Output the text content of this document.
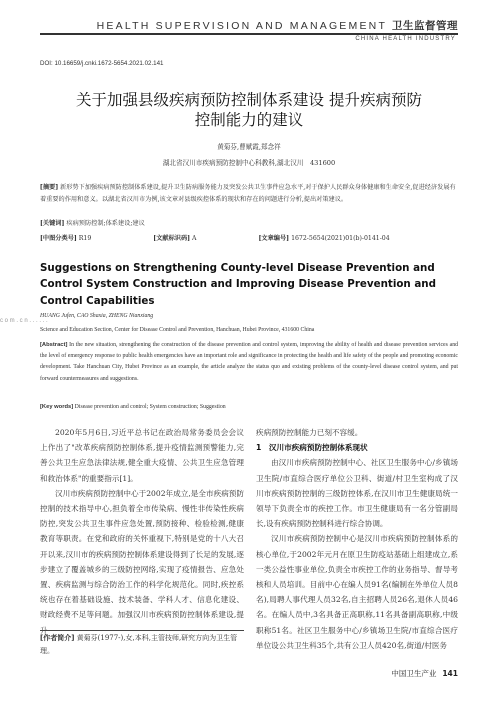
HEALTH SUPERVISION AND MANAGEMENT 卫生监督管理
CHINA HEALTH INDUSTRY
DOI: 10.16659/j.cnki.1672-5654.2021.02.141
关于加强县级疾病预防控制体系建设 提升疾病预防
控制能力的建议
黄菊芬,曹赋霞,郑念祥
湖北省汉川市疾病预防控制中心科教科,湖北汉川　431600
[摘要] 新形势下加强疾病预防控制体系建设,提升卫生防病服务能力及突发公共卫生事件应急水平,对于保护人民群众身体健康和生命安全,促进经济发展有着重要的作用和意义。以湖北省汉川市为例,该文章对县级疾控体系的现状和存在的问题进行分析,提出对策建议。
[关键词] 疾病预防控制;体系建设;建议
[中图分类号] R19	[文献标识码] A	[文章编号] 1672-5654(2021)01(b)-0141-04
Suggestions on Strengthening County-level Disease Prevention and Control System Construction and Improving Disease Prevention and Control Capabilities
HUANG Jufen, CAO Shaxia, ZHENG Nianxiang
Science and Education Section, Center for Disease Control and Prevention, Hanchuan, Hubei Province, 431600 China
c o m . c n . . . . . .
[Abstract] In the new situation, strengthening the construction of the disease prevention and control system, improving the ability of health and disease prevention services and the level of emergency response to public health emergencies have an important role and significance in protecting the health and life safety of the people and promoting economic development. Take Hanchuan City, Hubei Province as an example, the article analyze the status quo and existing problems of the county-level disease control system, and put forward countermeasures and suggestions.
[Key words] Disease prevention and control; System construction; Suggestion

2020年5月6日,习近平总书记在政治局常务委员会会议上作出了"改革疾病预防控制体系,提升疫情监测预警能力,完善公共卫生应急法律法规,健全重大疫情、公共卫生应急管理和救治体系"的重要指示[1]。

汉川市疾病预防控制中心于2002年成立,是全市疾病预防控制的技术指导中心,担负着全市传染病、慢性非传染性疾病防控,突发公共卫生事件应急处置,预防接种、检验检测,健康教育等职责。在党和政府的关怀重视下,特别是党的十八大召开以来,汉川市的疾病预防控制体系建设得到了长足的发展,逐步建立了覆盖城乡的三级防控网络,实现了疫情报告、应急处置、疾病监测与综合防治工作的科学化规范化。同时,疾控系统也存在着基础设施、技术装备、学科人才、信息化建设、财政经费不足等问题。加强汉川市疾病预防控制体系建设,提

[作者简介] 黄菊芬(1977-),女,本科,主管技师,研究方向为卫生管理。

疾病预防控制能力已刻不容缓。

1　汉川市疾病预防控制体系现状

由汉川市疾病预防控制中心、社区卫生服务中心/乡镇场卫生院/市直综合医疗单位公卫科、街道/村卫生室构成了汉川市疾病预防控制的三级防控体系,在汉川市卫生健康局统一领导下负责全市的疾控工作。市卫生健康局有一名分管副局长,设有疾病预防控制科进行综合协调。

汉川市疾病预防控制中心是汉川市疾病预防控制体系的核心单位,于2002年元月在原卫生防疫站基础上组建成立,系一类公益性事业单位,负责全市疾控工作的业务指导、督导考核和人员培训。目前中心在编人员91名(编制在外单位人员8名),局聘人事代理人员32名,自主招聘人员26名,退休人员46名。在编人员中,3名具备正高职称,11名具备副高职称,中级职称51名。社区卫生服务中心/乡镇场卫生院/市直综合医疗单位设公共卫生科35个,共有公卫人员420名,街道/村医务

中国卫生产业 141
